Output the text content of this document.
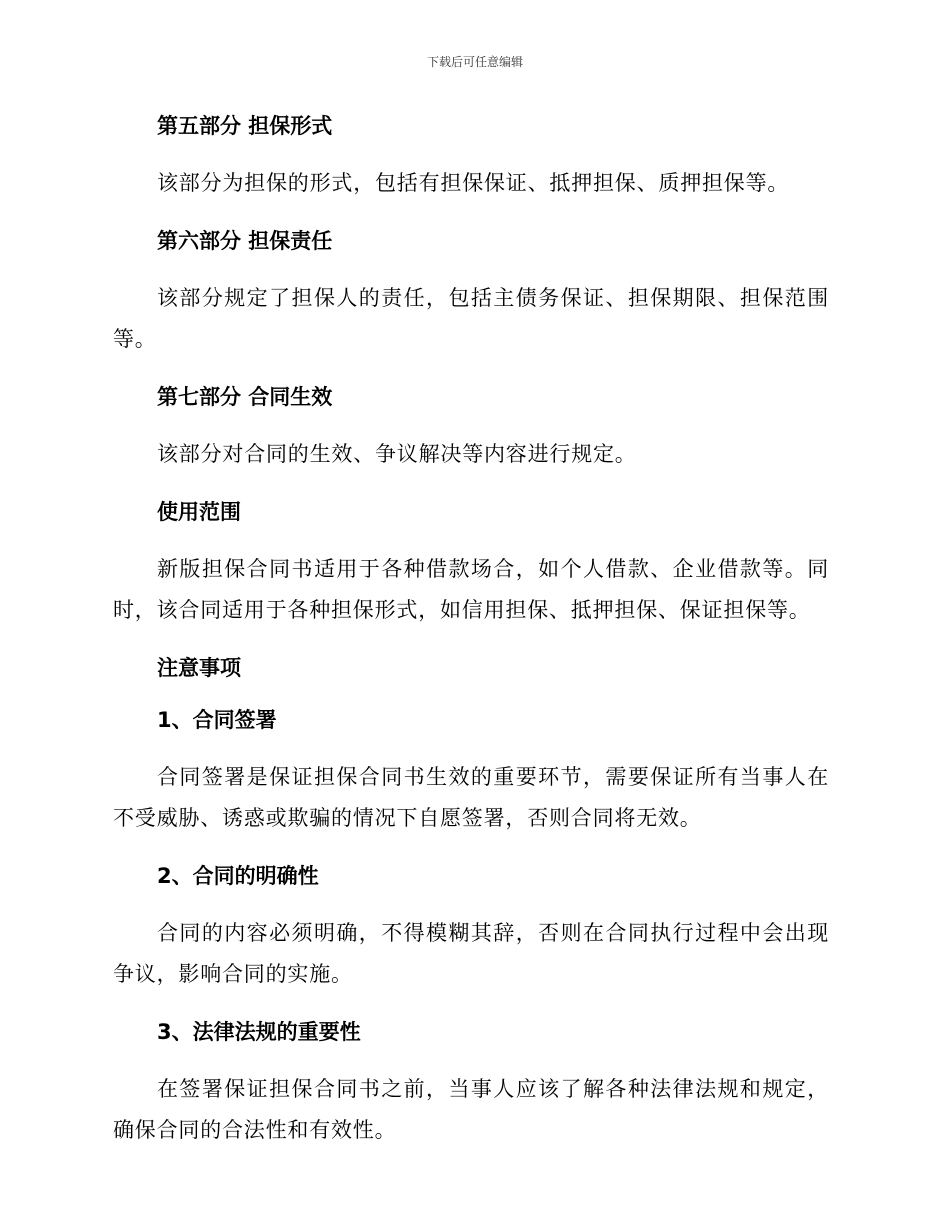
下载后可任意编辑
第五部分 担保形式

该部分为担保的形式，包括有担保保证、抵押担保、质押担保等。

第六部分 担保责任

该部分规定了担保人的责任，包括主债务保证、担保期限、担保范围等。

第七部分 合同生效

该部分对合同的生效、争议解决等内容进行规定。

使用范围

新版担保合同书适用于各种借款场合，如个人借款、企业借款等。同时，该合同适用于各种担保形式，如信用担保、抵押担保、保证担保等。

注意事项
1、合同签署

合同签署是保证担保合同书生效的重要环节，需要保证所有当事人在不受威胁、诱惑或欺骗的情况下自愿签署，否则合同将无效。

2、合同的明确性

合同的内容必须明确，不得模糊其辞，否则在合同执行过程中会出现争议，影响合同的实施。

3、法律法规的重要性

在签署保证担保合同书之前，当事人应该了解各种法律法规和规定，确保合同的合法性和有效性。
